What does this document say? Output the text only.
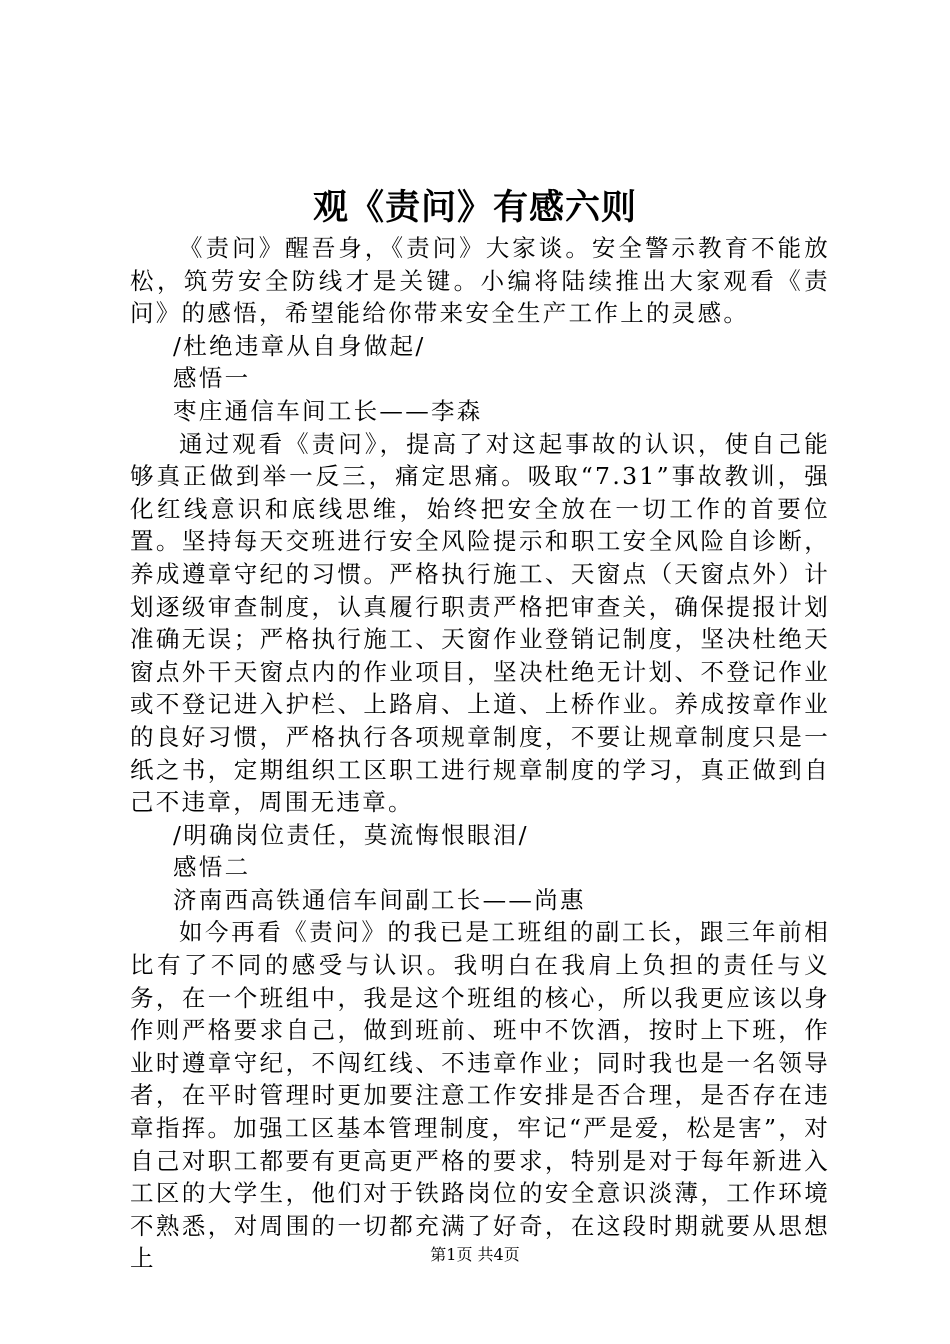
观《责问》有感六则

《责问》醒吾身，《责问》大家谈。安全警示教育不能放松，筑劳安全防线才是关键。小编将陆续推出大家观看《责问》的感悟，希望能给你带来安全生产工作上的灵感。

/杜绝违章从自身做起/

感悟一

枣庄通信车间工长——李森

通过观看《责问》，提高了对这起事故的认识，使自己能够真正做到举一反三，痛定思痛。吸取“7.31”事故教训，强化红线意识和底线思维，始终把安全放在一切工作的首要位置。坚持每天交班进行安全风险提示和职工安全风险自诊断，养成遵章守纪的习惯。严格执行施工、天窗点（天窗点外）计划逐级审查制度，认真履行职责严格把审查关，确保提报计划准确无误；严格执行施工、天窗作业登销记制度，坚决杜绝天窗点外干天窗点内的作业项目，坚决杜绝无计划、不登记作业或不登记进入护栏、上路肩、上道、上桥作业。养成按章作业的良好习惯，严格执行各项规章制度，不要让规章制度只是一纸之书，定期组织工区职工进行规章制度的学习，真正做到自己不违章，周围无违章。

/明确岗位责任，莫流悔恨眼泪/

感悟二

济南西高铁通信车间副工长——尚惠

如今再看《责问》的我已是工班组的副工长，跟三年前相比有了不同的感受与认识。我明白在我肩上负担的责任与义务，在一个班组中，我是这个班组的核心，所以我更应该以身作则严格要求自己，做到班前、班中不饮酒，按时上下班，作业时遵章守纪，不闯红线、不违章作业；同时我也是一名领导者，在平时管理时更加要注意工作安排是否合理，是否存在违章指挥。加强工区基本管理制度，牢记“严是爱，松是害”，对自己对职工都要有更高更严格的要求，特别是对于每年新进入工区的大学生，他们对于铁路岗位的安全意识淡薄，工作环境不熟悉，对周围的一切都充满了好奇，在这段时期就要从思想上	第1页 共4页
